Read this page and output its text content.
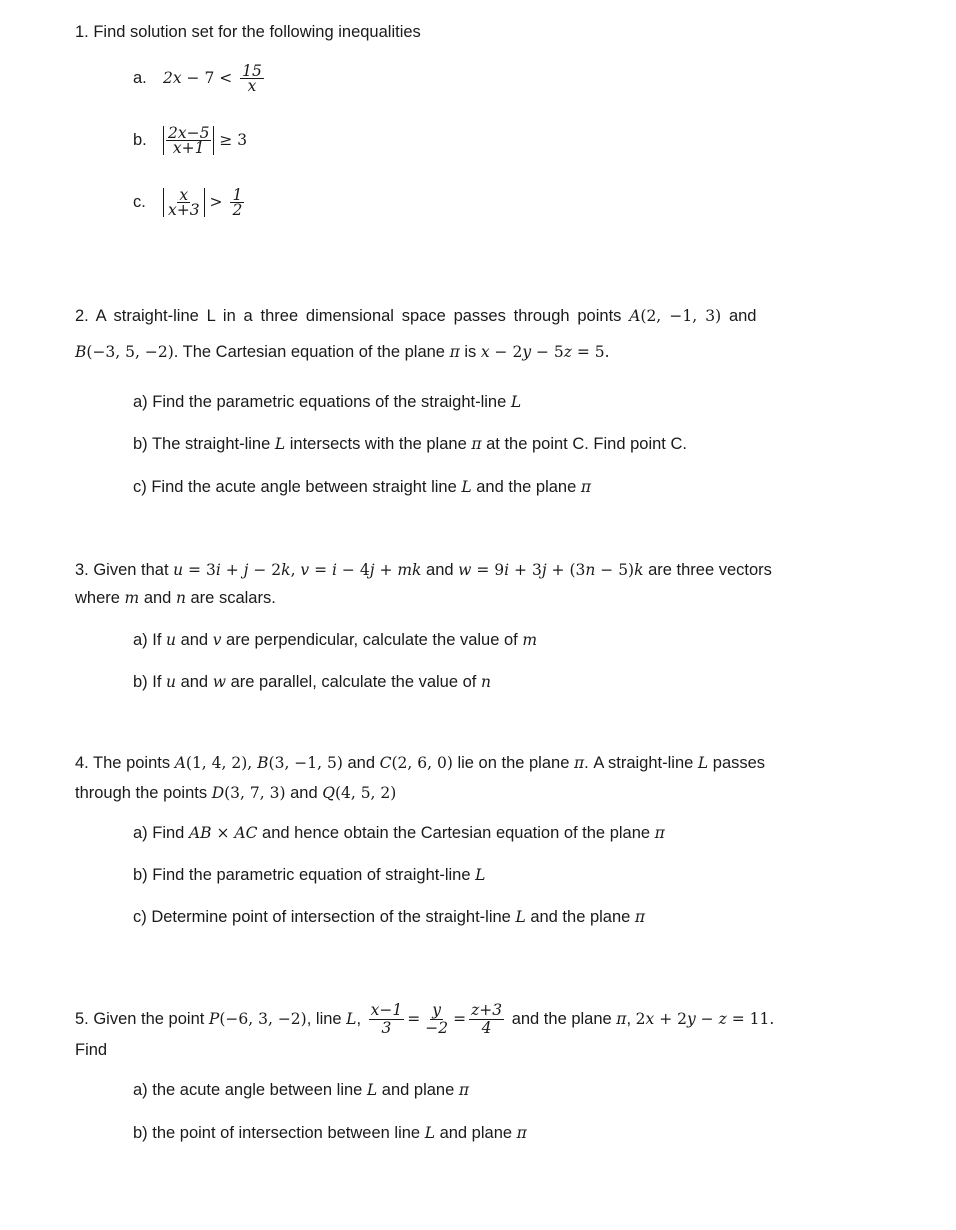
1. Find solution set for the following inequalities
a. $2x - 7 < \frac{15}{x}$
b. $\frac{2x-5}{x+1} \ge 3$
c. $\frac{x}{x+3} > \frac{1}{2}$
2. A straight-line L in a three dimensional space passes through points A(2, −1, 3) and
B(−3, 5, −2). The Cartesian equation of the plane π is x − 2y − 5z = 5.
a) Find the parametric equations of the straight-line L
b) The straight-line L intersects with the plane π at the point C. Find point C.
c) Find the acute angle between straight line L and the plane π
3. Given that u = 3i + j − 2k, v = i − 4j + mk and w = 9i + 3j + (3n − 5)k are three vectors
where m and n are scalars.
a) If u and v are perpendicular, calculate the value of m
b) If u and w are parallel, calculate the value of n
4. The points A(1, 4, 2), B(3, −1, 5) and C(2, 6, 0) lie on the plane π. A straight-line L passes
through the points D(3, 7, 3) and Q(4, 5, 2)
a) Find AB × AC and hence obtain the Cartesian equation of the plane π
b) Find the parametric equation of straight-line L
c) Determine point of intersection of the straight-line L and the plane π
5. Given the point P(−6, 3, −2), line L, $\frac{x-1}{3} = \frac{y}{-2} = \frac{z+3}{4}$ and the plane π, 2x + 2y − z = 11.
Find
a) the acute angle between line L and plane π
b) the point of intersection between line L and plane π
